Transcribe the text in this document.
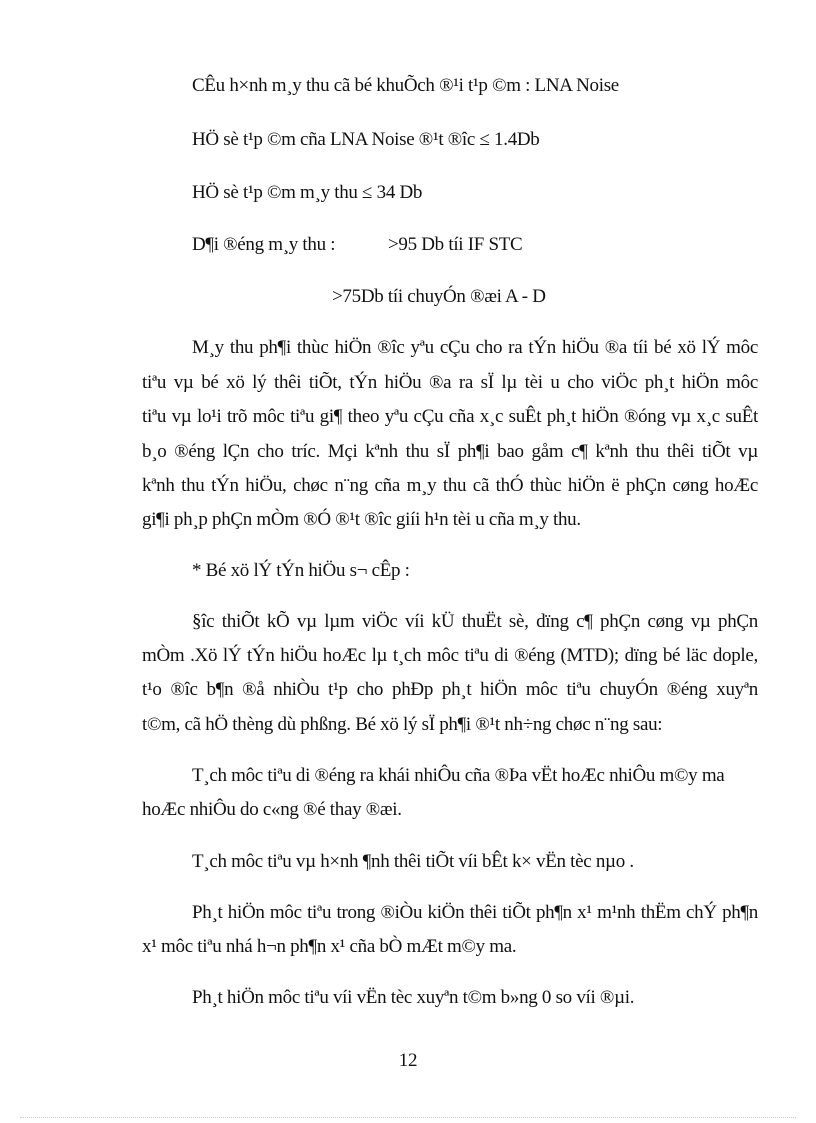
CÊu h×nh m¸y thu cã bé khuÕch ®¹i t¹p ©m : LNA Noise
HÖ sè t¹p ©m cña LNA Noise ®¹t ®îc ≤ 1.4Db
HÖ sè t¹p ©m m¸y thu ≤ 34 Db
D¶i ®éng m¸y thu :	>95 Db tíi IF STC
>75Db tíi chuyÓn ®æi A - D
M¸y thu ph¶i thùc hiÖn ®îc yªu cÇu cho ra tÝn hiÖu ®a tíi bé xö lÝ môc
tiªu vµ bé xö lý thêi tiÕt, tÝn hiÖu ®a ra sÏ lµ tèi u cho viÖc ph¸t hiÖn môc
tiªu vµ lo¹i trõ môc tiªu gi¶ theo yªu cÇu cña x¸c suÊt ph¸t hiÖn ®óng vµ x¸c suÊt
b¸o ®éng lÇn cho tríc. Mçi kªnh thu sÏ ph¶i bao gåm c¶ kªnh thu thêi tiÕt vµ
kªnh thu tÝn hiÖu, chøc n¨ng cña m¸y thu cã thÓ thùc hiÖn ë phÇn cøng hoÆc
gi¶i ph¸p phÇn mÒm ®Ó ®¹t ®îc giíi h¹n tèi u cña m¸y thu.
* Bé xö lÝ tÝn hiÖu s¬ cÊp :
§îc thiÕt kÕ vµ lµm viÖc víi kÜ thuËt sè, dïng c¶ phÇn cøng vµ phÇn
mÒm .Xö lÝ tÝn hiÖu hoÆc lµ t¸ch môc tiªu di ®éng (MTD); dïng bé läc dople,
t¹o ®îc b¶n ®å nhiÒu t¹p cho phÐp ph¸t hiÖn môc tiªu chuyÓn ®éng xuyªn
t©m, cã hÖ thèng dù phßng. Bé xö lý sÏ ph¶i ®¹t nh÷ng chøc n¨ng sau:
T¸ch môc tiªu di ®éng ra khái nhiÔu cña ®Þa vËt hoÆc nhiÔu m©y ma
hoÆc nhiÔu do c«ng ®é thay ®æi.
T¸ch môc tiªu vµ h×nh ¶nh thêi tiÕt víi bÊt k× vËn tèc nµo .
Ph¸t hiÖn môc tiªu trong ®iÒu kiÖn thêi tiÕt ph¶n x¹ m¹nh thËm chÝ ph¶n
x¹ môc tiªu nhá h¬n ph¶n x¹ cña bÒ mÆt m©y ma.
Ph¸t hiÖn môc tiªu víi vËn tèc xuyªn t©m b»ng 0 so víi ®µi.
12
